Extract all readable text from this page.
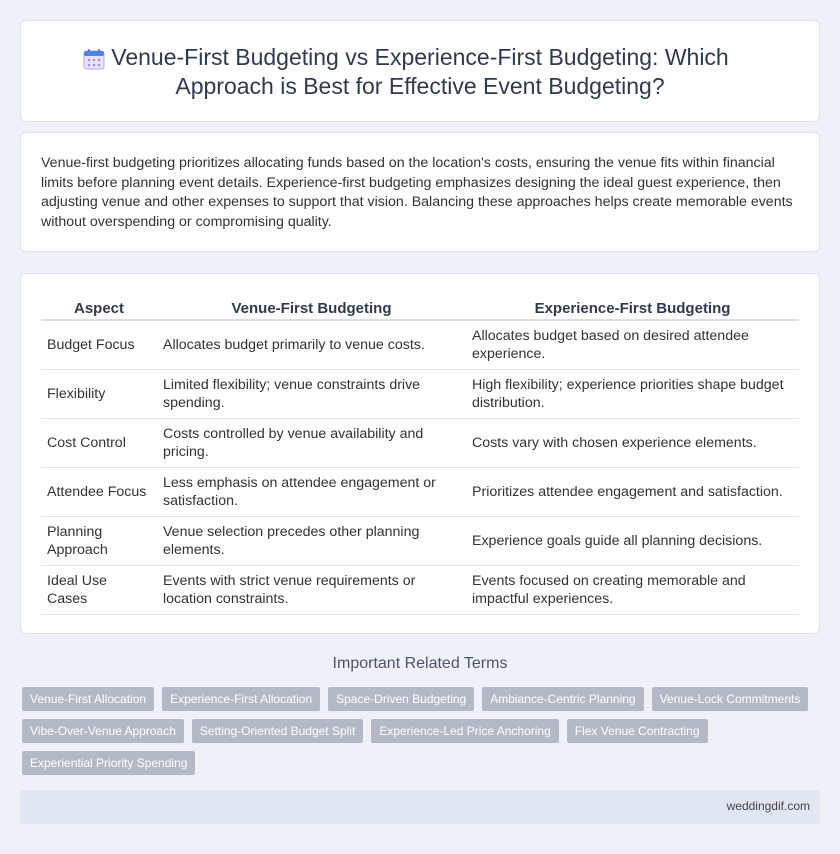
Venue-First Budgeting vs Experience-First Budgeting: Which Approach is Best for Effective Event Budgeting?

Venue-first budgeting prioritizes allocating funds based on the location's costs, ensuring the venue fits within financial limits before planning event details. Experience-first budgeting emphasizes designing the ideal guest experience, then adjusting venue and other expenses to support that vision. Balancing these approaches helps create memorable events without overspending or compromising quality.

Aspect	Venue-First Budgeting	Experience-First Budgeting
Budget Focus	Allocates budget primarily to venue costs.	Allocates budget based on desired attendee experience.
Flexibility	Limited flexibility; venue constraints drive spending.	High flexibility; experience priorities shape budget distribution.
Cost Control	Costs controlled by venue availability and pricing.	Costs vary with chosen experience elements.
Attendee Focus	Less emphasis on attendee engagement or satisfaction.	Prioritizes attendee engagement and satisfaction.
Planning Approach	Venue selection precedes other planning elements.	Experience goals guide all planning decisions.
Ideal Use Cases	Events with strict venue requirements or location constraints.	Events focused on creating memorable and impactful experiences.
Important Related Terms
Venue-First Allocation	Experience-First Allocation	Space-Driven Budgeting	Ambiance-Centric Planning	Venue-Lock Commitments
Vibe-Over-Venue Approach	Setting-Oriented Budget Split	Experience-Led Price Anchoring	Flex Venue Contracting
Experiential Priority Spending
weddingdif.com
